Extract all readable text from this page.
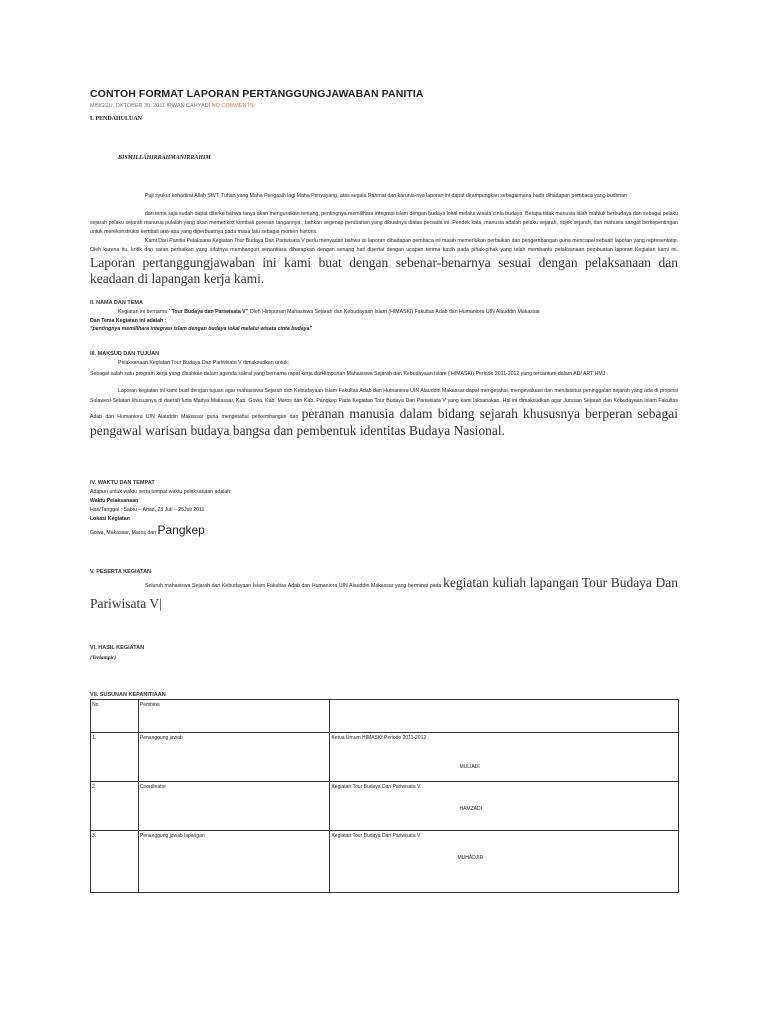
CONTOH FORMAT LAPORAN PERTANGGUNGJAWABAN PANITIA
MINGGU, OKTOBER 30, 2011 IRWAN CAHYADI NO COMMENTS
I. PENDAHULUAN
BISMILLAHIRRAHMANIRRAHIM
Puji syukur kehadirat Allah SWT, Tuhan yang Maha Pengasih lagi Maha Penyayang, atas segala Rahmat dan karunia-nya laporan ini dapat dirampungkan sebagaimana hadir dihadapan pembaca yang budiman
dari tema saja sudah dapat diterka bahwa tanya akan menguraikan tentang, pentingnya memilihara integrasi islam dengan budaya lokal melalui wisata cinta budaya. Betapa tidak manusia ialah mahluk berbudaya dan sebagai pelaku sejarah pelaku sejarah manusia pulalah yang akan memerikos kembali goresan tangannya , bahkan segenap perubahan yang dibuatnya diatas persada ini. Pendek kata, manusia adalah pelaku sejarah, objek sejarah, dan manusia sangat berkepentingan untuk merekonstruksi kembali apa-apa yang diperbuatnya pada masa lalu sebagai momen historis.
Kami Dari Panitia Pelaksana Kegiatan Tour Budaya Dan Pariwisata V perlu menyadari bahwa isi laporan dihadapan pembaca ini masih memerlukan perbaikan dan pengembangan guna mencapai sebuah laporan yang representatip. Oleh karena itu, kritik dan saran perbaikan yang sifatnya membangun senantiasa diharapkan dengan senang hati disertai dengan ucapan terima kasih pada pihak-pihak yang telah membantu pelaksanaan pembuatan laporan Kegiatan kami ini. Laporan pertanggungjawaban ini kami buat dengan sebenar-benarnya sesuai dengan pelaksanaan dan keadaan di lapangan kerja kami.
II. NAMA DAN TEMA
Kegiatan ini bernama “ Tour Budaya dan Pariwisata V” Oleh Himpunan Mahasiswa Sejarah dan Kebudayaan Islam (HIMASKI) Fakultas Adab dan Humaniora UIN Alauddin Makassar
Dan Tema Kegiatan ini adalah :
“pentingnya memilihara integrasi islam dengan budaya lokal melalui wisata cinta budaya”
III. MAKSUD DAN TUJUAN
Pelaksanaan Kegiatan Tour Budaya Dan Pariwisata V dimaksudkan untuk:
Sebagai salah satu program kerja yang disahkan dalam agenda sakral yang bernama rapat kerja darHimpunan Mahasiswa Sejarah dan Kebudayaan Islam ( HIMASKI) Periode 2011-2012 yang tercantum dalam AD/ ART HMJ .
Laporan kegiatan ini kami buat dengan tujuan agar mahasiswa Sejarah dan Kebudayaan Islam Fakultas Adab dan Humaniora UIN Alauddin Makassar dapat mengetahui, mengevaluasi dan menilaisitus peninggalan sejarah yang ada di propinsi Sulawesi-Selatan khususnya di daerah kota Madya Makassar, Kab. Gowa, Kab. Maros dan Kab. Pangkep Pada Kegiatan Tour Budaya Dan Pariwisata V yang kami laksanakan. Hal ini dimaksudkan agar Jurusan Sejarah dan Kebudayaan Islam Fakultas Adab dan Humaniora UIN Alauddin Makassar guna mengetahui perkembangan dan peranan manusia dalam bidang sejarah khususnya berperan sebagai pengawal warisan budaya bangsa dan pembentuk identitas Budaya Nasional.
IV. WAKTU DAN TEMPAT
Adapun untuk waktu serta tempat waktu pelaksanaan adalah:
Waktu Pelaksanaan
Hari/Tanggal : Sabtu – Ahad, 23 Juli – 25Juli 2011
Lokasi Kegiatan
Gowa, Makassar, Maros dan Pangkep
V. PESERTA KEGIATAN
Seluruh mahasiswa Sejarah dan Kebudayaan Islam Fakultas Adab dan Humaniora UIN Alauddin Makassar yang berminat pada kegiatan kuliah lapangan Tour Budaya Dan Pariwisata V|
VI. HASIL KEGIATAN
(Terlampir)
VII. SUSUNAN KEPANITIAAN
No	Pembina	
1.	Penanggung jawab	Ketua Umum HIMASKI Periode 2011-2012
MULIADI

2.	Coordinator	Kegiatan Tour Budaya Dan Pariwisata V.
HAMZADI

3.	Penanggung jawab lapangan	Kegiatan Tour Budaya Dan Pariwisata V
MUHADJIR
